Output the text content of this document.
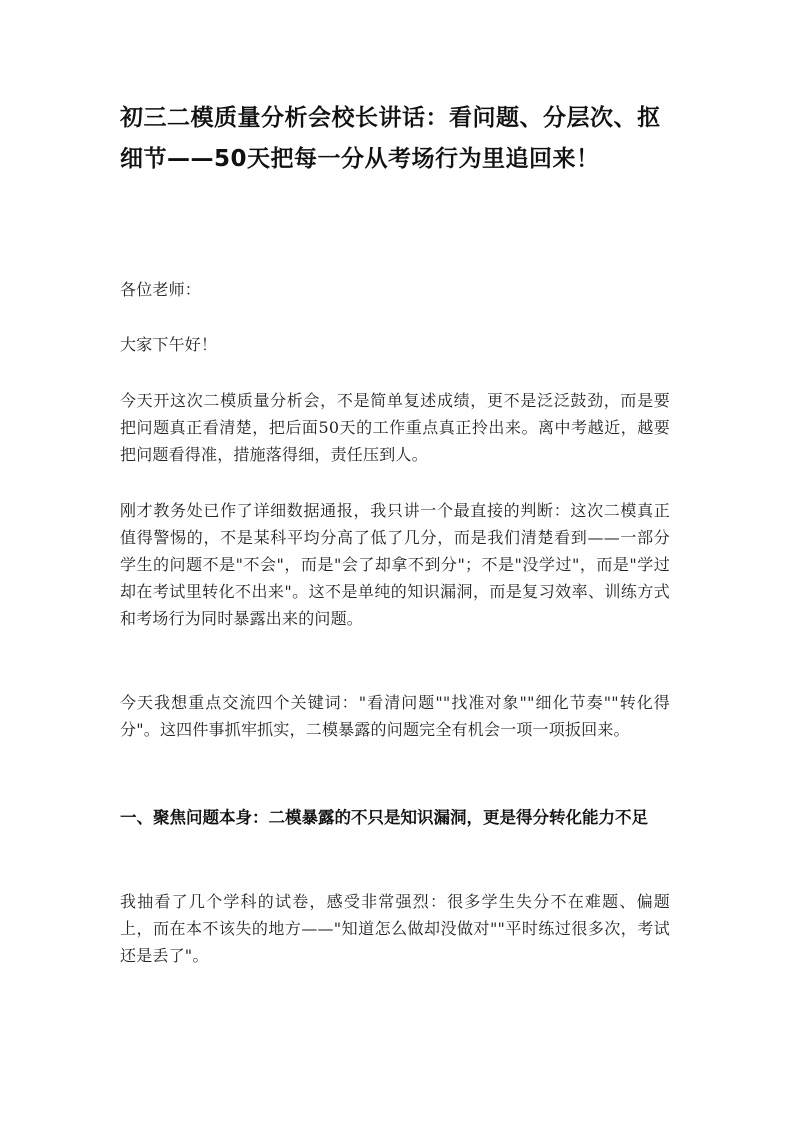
初三二模质量分析会校长讲话：看问题、分层次、抠细节——50天把每一分从考场行为里追回来！

各位老师：

大家下午好！

今天开这次二模质量分析会，不是简单复述成绩，更不是泛泛鼓劲，而是要把问题真正看清楚，把后面50天的工作重点真正拎出来。离中考越近，越要把问题看得准，措施落得细，责任压到人。

刚才教务处已作了详细数据通报，我只讲一个最直接的判断：这次二模真正值得警惕的，不是某科平均分高了低了几分，而是我们清楚看到——一部分学生的问题不是"不会"，而是"会了却拿不到分"；不是"没学过"，而是"学过却在考试里转化不出来"。这不是单纯的知识漏洞，而是复习效率、训练方式和考场行为同时暴露出来的问题。

今天我想重点交流四个关键词："看清问题""找准对象""细化节奏""转化得分"。这四件事抓牢抓实，二模暴露的问题完全有机会一项一项扳回来。

一、聚焦问题本身：二模暴露的不只是知识漏洞，更是得分转化能力不足

我抽看了几个学科的试卷，感受非常强烈：很多学生失分不在难题、偏题上，而在本不该失的地方——"知道怎么做却没做对""平时练过很多次，考试还是丢了"。
